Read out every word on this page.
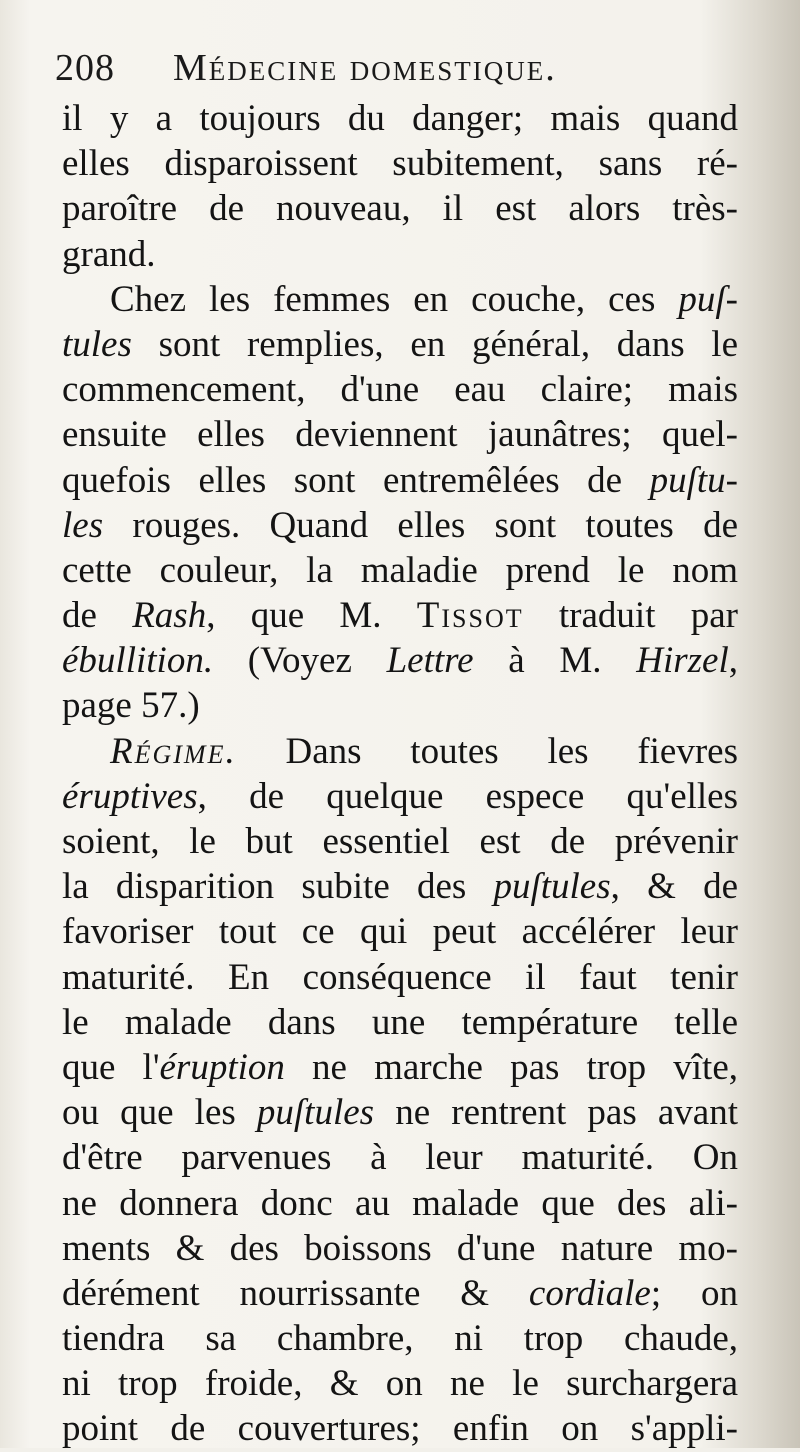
208 Médecine domestique.
il y a toujours du danger; mais quand
elles disparoissent subitement, sans ré-
paroître de nouveau, il est alors très-
grand.
Chez les femmes en couche, ces puſ-
tules sont remplies, en général, dans le
commencement, d'une eau claire; mais
ensuite elles deviennent jaunâtres; quel-
quefois elles sont entremêlées de puſtu-
les rouges. Quand elles sont toutes de
cette couleur, la maladie prend le nom
de Rash, que M. Tissot traduit par
ébullition. (Voyez Lettre à M. Hirzel,
page 57.)
Régime. Dans toutes les fievres
éruptives, de quelque espece qu'elles
soient, le but essentiel est de prévenir
la disparition subite des puſtules, & de
favoriser tout ce qui peut accélérer leur
maturité. En conséquence il faut tenir
le malade dans une température telle
que l'éruption ne marche pas trop vîte,
ou que les puſtules ne rentrent pas avant
d'être parvenues à leur maturité. On
ne donnera donc au malade que des ali-
ments & des boissons d'une nature mo-
dérément nourrissante & cordiale; on
tiendra sa chambre, ni trop chaude,
ni trop froide, & on ne le surchargera
point de couvertures; enfin on s'appli-
